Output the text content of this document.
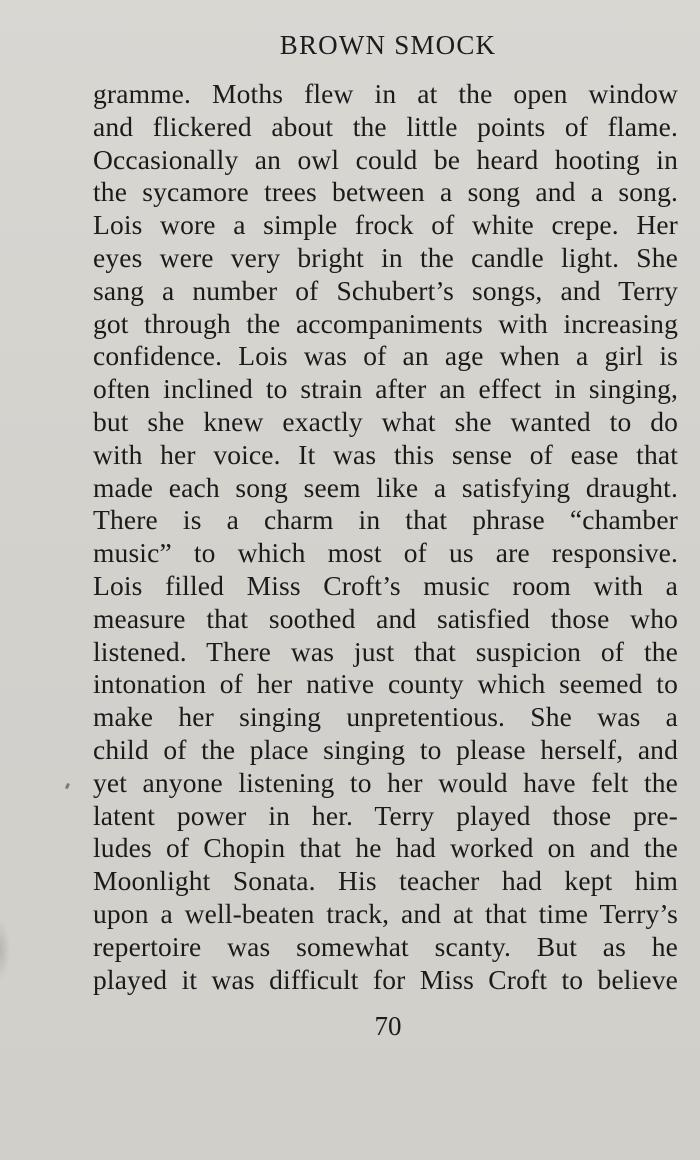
BROWN SMOCK
gramme. Moths flew in at the open window
and flickered about the little points of flame.
Occasionally an owl could be heard hooting in
the sycamore trees between a song and a song.
Lois wore a simple frock of white crepe. Her
eyes were very bright in the candle light. She
sang a number of Schubert’s songs, and Terry
got through the accompaniments with increasing
confidence. Lois was of an age when a girl is
often inclined to strain after an effect in singing,
but she knew exactly what she wanted to do
with her voice. It was this sense of ease that
made each song seem like a satisfying draught.
There is a charm in that phrase “chamber
music” to which most of us are responsive.
Lois filled Miss Croft’s music room with a
measure that soothed and satisfied those who
listened. There was just that suspicion of the
intonation of her native county which seemed to
make her singing unpretentious. She was a
child of the place singing to please herself, and
yet anyone listening to her would have felt the
latent power in her. Terry played those pre-
ludes of Chopin that he had worked on and the
Moonlight Sonata. His teacher had kept him
upon a well-beaten track, and at that time Terry’s
repertoire was somewhat scanty. But as he
played it was difficult for Miss Croft to believe
70
